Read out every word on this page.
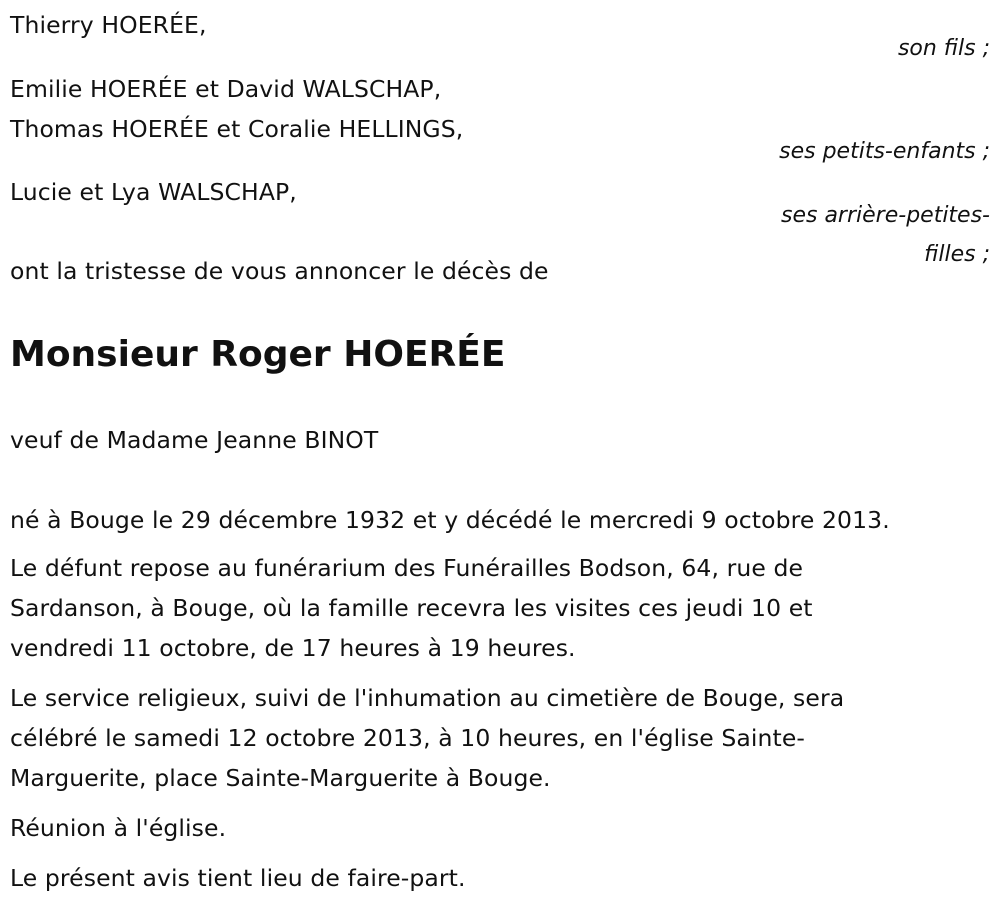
Thierry HOERÉE,
son fils ;
Emilie HOERÉE et David WALSCHAP,
Thomas HOERÉE et Coralie HELLINGS,
ses petits-enfants ;
Lucie et Lya WALSCHAP,
ses arrière-petites-
filles ;
ont la tristesse de vous annoncer le décès de
Monsieur Roger HOERÉE
veuf de Madame Jeanne BINOT
né à Bouge le 29 décembre 1932 et y décédé le mercredi 9 octobre 2013.
Le défunt repose au funérarium des Funérailles Bodson, 64, rue de
Sardanson, à Bouge, où la famille recevra les visites ces jeudi 10 et
vendredi 11 octobre, de 17 heures à 19 heures.
Le service religieux, suivi de l'inhumation au cimetière de Bouge, sera
célébré le samedi 12 octobre 2013, à 10 heures, en l'église Sainte-
Marguerite, place Sainte-Marguerite à Bouge.
Réunion à l'église.
Le présent avis tient lieu de faire-part.
